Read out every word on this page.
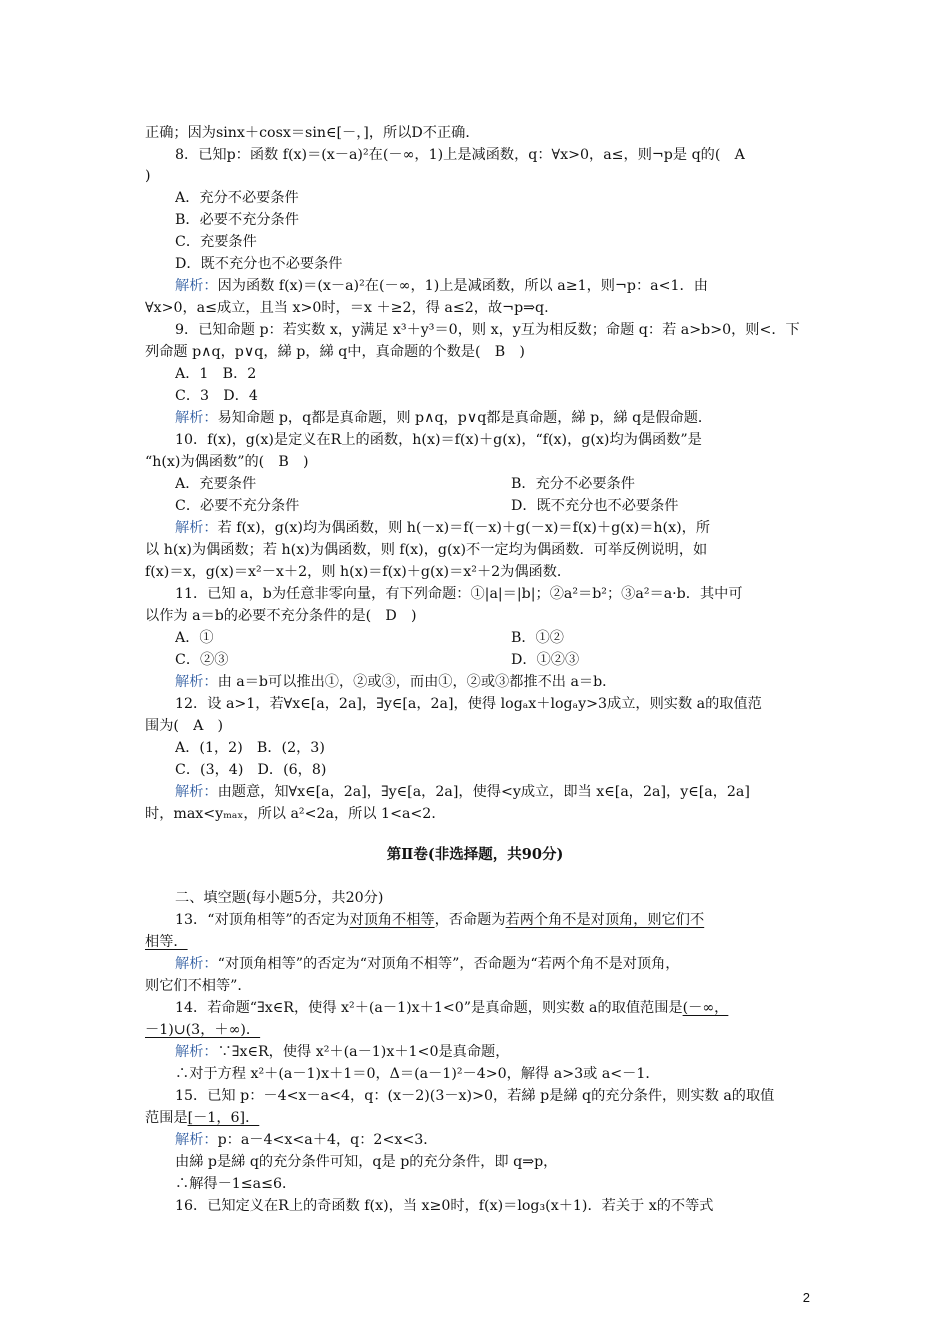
正确；因为sinx＋cosx＝sin∈[－，]，所以D不正确．
8．已知p：函数 f(x)＝(x－a)²在(－∞，1)上是减函数，q：∀x>0，a≤，则¬p是 q的(　A
)
A．充分不必要条件
B．必要不充分条件
C．充要条件
D．既不充分也不必要条件
解析：因为函数 f(x)＝(x－a)²在(－∞，1)上是减函数，所以 a≥1，则¬p：a<1．由
∀x>0，a≤成立，且当 x>0时，＝x ＋≥2，得 a≤2，故¬p⇒q.
9．已知命题 p：若实数 x，y满足 x³＋y³＝0，则 x，y互为相反数；命题 q：若 a>b>0，则<．下
列命题 p∧q，p∨q，綈 p，綈 q中，真命题的个数是(　B　)
A．1　B．2
C．3　D．4
解析：易知命题 p，q都是真命题，则 p∧q，p∨q都是真命题，綈 p，綈 q是假命题．
10．f(x)，g(x)是定义在R上的函数，h(x)＝f(x)＋g(x)，“f(x)，g(x)均为偶函数”是
“h(x)为偶函数”的(　B　)
A．充要条件	B．充分不必要条件
C．必要不充分条件	D．既不充分也不必要条件
解析：若 f(x)，g(x)均为偶函数，则 h(－x)＝f(－x)＋g(－x)＝f(x)＋g(x)＝h(x)，所
以 h(x)为偶函数；若 h(x)为偶函数，则 f(x)，g(x)不一定均为偶函数．可举反例说明，如
f(x)＝x，g(x)＝x²－x＋2，则 h(x)＝f(x)＋g(x)＝x²＋2为偶函数．
11．已知 a，b为任意非零向量，有下列命题：①|a|＝|b|；②a²＝b²；③a²＝a·b．其中可
以作为 a＝b的必要不充分条件的是(　D　)
A．①	B．①②
C．②③	D．①②③
解析：由 a＝b可以推出①，②或③，而由①，②或③都推不出 a＝b．
12．设 a>1，若∀x∈[a，2a]，∃y∈[a，2a]，使得 logₐx＋logₐy>3成立，则实数 a的取值范
围为(　A　)
A．(1，2)　B．(2，3)
C．(3，4)　D．(6，8)
解析：由题意，知∀x∈[a，2a]，∃y∈[a，2a]，使得<y成立，即当 x∈[a，2a]，y∈[a，2a]
时，max<yₘₐₓ，所以 a²<2a，所以 1<a<2．
第Ⅱ卷(非选择题，共90分)
二、填空题(每小题5分，共20分)
13．“对顶角相等”的否定为对顶角不相等，否命题为若两个角不是对顶角，则它们不
相等．
解析：“对顶角相等”的否定为“对顶角不相等”，否命题为“若两个角不是对顶角，
则它们不相等”．
14．若命题“∃x∈R，使得 x²＋(a－1)x＋1<0”是真命题，则实数 a的取值范围是(－∞，
－1)∪(3，＋∞)．
解析：∵∃x∈R，使得 x²＋(a－1)x＋1<0是真命题，
∴对于方程 x²＋(a－1)x＋1＝0，Δ＝(a－1)²－4>0，解得 a>3或 a<－1．
15．已知 p：－4<x－a<4，q：(x－2)(3－x)>0，若綈 p是綈 q的充分条件，则实数 a的取值
范围是[－1，6]．
解析：p：a－4<x<a＋4，q：2<x<3．
由綈 p是綈 q的充分条件可知，q是 p的充分条件，即 q⇒p，
∴解得－1≤a≤6．
16．已知定义在R上的奇函数 f(x)，当 x≥0时，f(x)＝log₃(x＋1)．若关于 x的不等式
2
